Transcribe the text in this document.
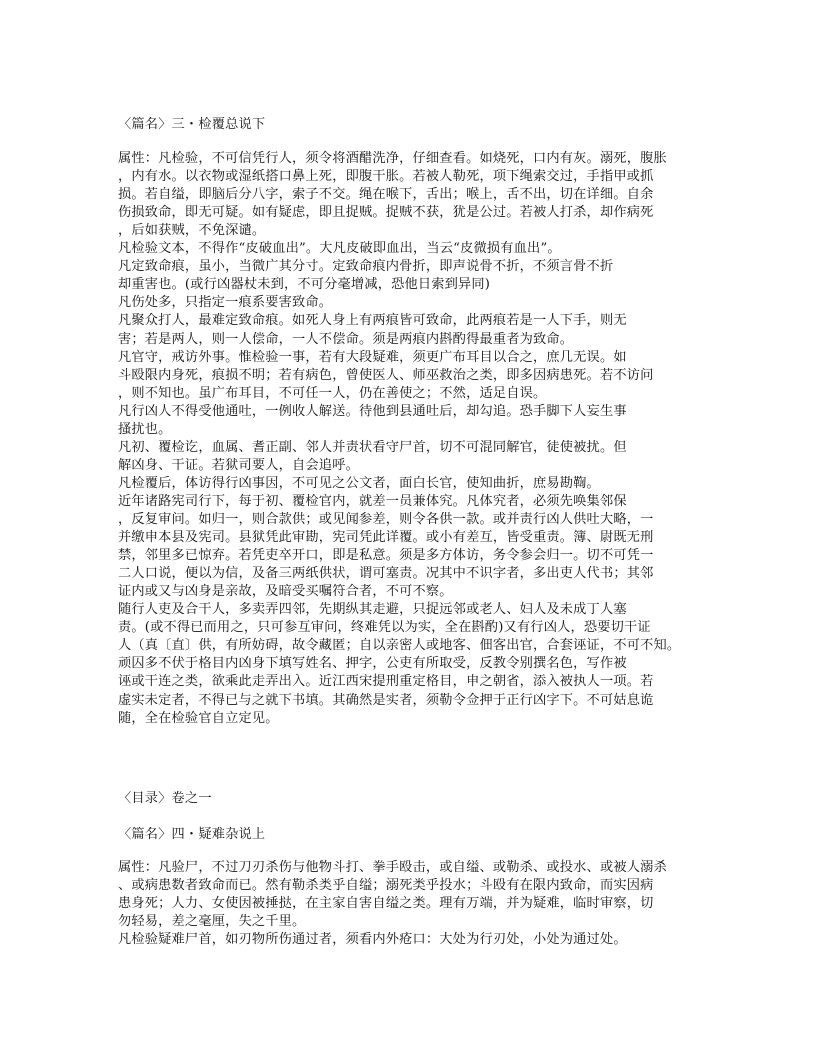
〈篇名〉三・检覆总说下
属性：凡检验，不可信凭行人，须令将酒醋洗净，仔细查看。如烧死，口内有灰。溺死，腹胀
，内有水。以衣物或湿纸搭口鼻上死，即腹干胀。若被人勒死，项下绳索交过，手指甲或抓
损。若自缢，即脑后分八字，索子不交。绳在喉下，舌出；喉上，舌不出，切在详细。自余
伤损致命，即无可疑。如有疑虑，即且捉贼。捉贼不获，犹是公过。若被人打杀，却作病死
，后如获贼，不免深谴。
凡检验文本，不得作“皮破血出”。大凡皮破即血出，当云“皮微损有血出”。
凡定致命痕，虽小，当微广其分寸。定致命痕内骨折，即声说骨不折，不须言骨不折
却重害也。(或行凶器杖未到，不可分毫增减，恐他日索到异同)
凡伤处多，只指定一痕系要害致命。
凡聚众打人，最难定致命痕。如死人身上有两痕皆可致命，此两痕若是一人下手，则无
害；若是两人，则一人偿命，一人不偿命。须是两痕内斟酌得最重者为致命。
凡官守，戒访外事。惟检验一事，若有大段疑难，须更广布耳目以合之，庶几无误。如
斗殴限内身死，痕损不明；若有病色，曾使医人、师巫救治之类，即多因病患死。若不访问
，则不知也。虽广布耳目，不可任一人，仍在善使之；不然，适足自误。
凡行凶人不得受他通吐，一例收人解送。待他到县通吐后，却勾追。恐手脚下人妄生事
搔扰也。
凡初、覆检讫，血属、耆正副、邻人并责状看守尸首，切不可混同解官，徒使被扰。但
解凶身、干证。若狱司要人，自会追呼。
凡检覆后，体访得行凶事因，不可见之公文者，面白长官，使知曲折，庶易勘鞫。
近年诸路宪司行下，每于初、覆检官内，就差一员兼体究。凡体究者，必须先唤集邻保
，反复审问。如归一，则合款供；或见闻参差，则令各供一款。或并责行凶人供吐大略，一
并缴申本县及宪司。县狱凭此审勘，宪司凭此详覆。或小有差互，皆受重责。簿、尉既无刑
禁，邻里多已惊弃。若凭吏卒开口，即是私意。须是多方体访，务令参会归一。切不可凭一
二人口说，便以为信，及备三两纸供状，谓可塞责。况其中不识字者，多出吏人代书；其邻
证内或又与凶身是亲故，及暗受买嘱符合者，不可不察。
随行人吏及合干人，多卖弄四邻，先期纵其走避，只捉远邻或老人、妇人及未成丁人塞
责。(或不得已而用之，只可参互审问，终难凭以为实，全在斟酌)又有行凶人，恐要切干证
人（真〔直〕供，有所妨碍，故令藏匿；自以亲密人或地客、佃客出官，合套诬证，不可不知。
顽囚多不伏于格目内凶身下填写姓名、押字，公吏有所取受，反教令别撰名色，写作被
诬或干连之类，欲乘此走弄出入。近江西宋提刑重定格目，申之朝省，添入被执人一项。若
虚实未定者，不得已与之就下书填。其确然是实者，须勒令佥押于正行凶字下。不可姑息诡
随，全在检验官自立定见。
〈目录〉卷之一
〈篇名〉四・疑难杂说上
属性：凡验尸，不过刀刃杀伤与他物斗打、拳手殴击，或自缢、或勒杀、或投水、或被人溺杀
、或病患数者致命而已。然有勒杀类乎自缢；溺死类乎投水；斗殴有在限内致命，而实因病
患身死；人力、女使因被捶挞，在主家自害自缢之类。理有万端，并为疑难，临时审察，切
勿轻易，差之毫厘，失之千里。
凡检验疑难尸首，如刃物所伤通过者，须看内外疮口：大处为行刃处，小处为通过处。
